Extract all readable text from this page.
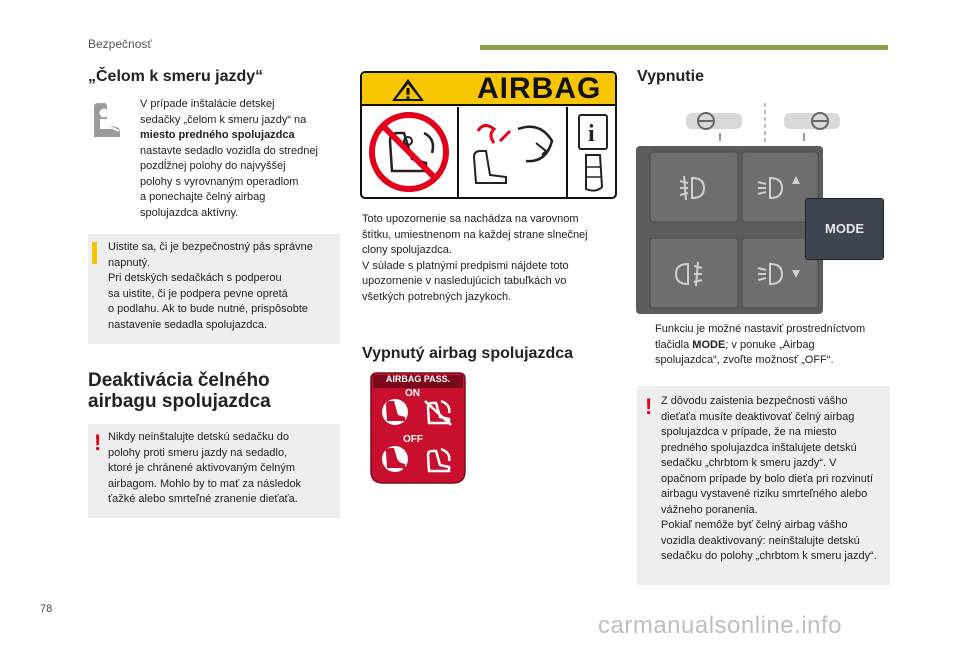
Bezpečnosť
„Čelom k smeru jazdy“
V prípade inštalácie detskej
sedačky „čelom k smeru jazdy“ na
miesto predného spolujazdca
nastavte sedadlo vozidla do strednej
pozdĺžnej polohy do najvyššej
polohy s vyrovnaným operadlom
a ponechajte čelný airbag
spolujazdca aktívny.
Uistite sa, či je bezpečnostný pás správne
napnutý.
Pri detských sedačkách s podperou
sa uistite, či je podpera pevne opretá
o podlahu. Ak to bude nutné, prispôsobte
nastavenie sedadla spolujazdca.
Deaktivácia čelného
airbagu spolujazdca
! Nikdy neinštalujte detskú sedačku do
polohy proti smeru jazdy na sedadlo,
ktoré je chránené aktivovaným čelným
airbagom. Mohlo by to mať za následok
ťažké alebo smrteľné zranenie dieťaťa.
i
AIRBAG
Toto upozornenie sa nachádza na varovnom
štítku, umiestnenom na každej strane slnečnej
clony spolujazdca.
V súlade s platnými predpismi nájdete toto
upozornenie v nasledujúcich tabuľkách vo
všetkých potrebných jazykoch.
Vypnutý airbag spolujazdca
AIRBAG PASS.
ON
OFF
Vypnutie
MODE
Funkciu je možné nastaviť prostredníctvom
tlačidla MODE; v ponuke „Airbag
spolujazdca“, zvoľte možnosť „OFF“.
! Z dôvodu zaistenia bezpečnosti vášho
dieťaťa musíte deaktivovať čelný airbag
spolujazdca v prípade, že na miesto
predného spolujazdca inštalujete detskú
sedačku „chrbtom k smeru jazdy“. V
opačnom prípade by bolo dieťa pri rozvinutí
airbagu vystavené riziku smrteľného alebo
vážneho poranenia.
Pokiaľ nemôže byť čelný airbag vášho
vozidla deaktivovaný: neinštalujte detskú
sedačku do polohy „chrbtom k smeru jazdy“.
78
carmanualsonline.info
